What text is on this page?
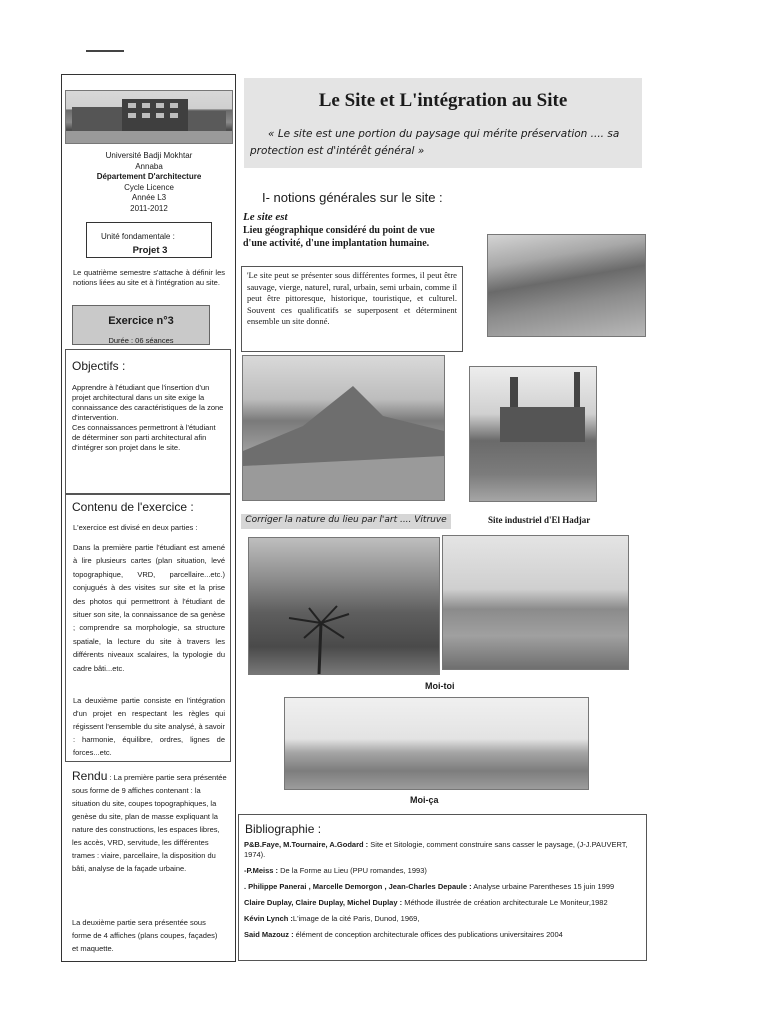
Université Badji Mokhtar
Annaba
Département D'architecture
Cycle Licence
Année L3
2011-2012
Unité fondamentale :
Projet 3
Le quatrième semestre s'attache à définir les notions liées au site et à l'intégration au site.
Exercice n°3
Durée : 06 séances
Objectifs :
Apprendre à l'étudiant que l'insertion d'un projet architectural dans un site exige la connaissance des caractéristiques de la zone d'intervention.
Ces connaissances permettront à l'étudiant de déterminer son parti architectural afin d'intégrer son projet dans le site.
Contenu de l'exercice :
L'exercice est divisé en deux parties :
Dans la première partie l'étudiant est amené à lire plusieurs cartes (plan situation, levé topographique, VRD, parcellaire...etc.) conjugués à des visites sur site et la prise des photos qui permettront à l'étudiant de situer son site, la connaissance de sa genèse ; comprendre sa morphologie, sa structure spatiale, la lecture du site à travers les différents niveaux scalaires, la typologie du cadre bâti...etc.
La deuxième partie consiste en l'intégration d'un projet en respectant les règles qui régissent l'ensemble du site analysé, à savoir : harmonie, équilibre, ordres, lignes de forces...etc.
Rendu : La première partie sera présentée sous forme de 9 affiches contenant : la situation du site, coupes topographiques, la genèse du site, plan de masse expliquant la nature des constructions, les espaces libres, les accès, VRD, servitude, les différentes trames : viaire, parcellaire, la disposition du bâti, analyse de la façade urbaine.
La deuxième partie sera présentée sous forme de 4 affiches (plans coupes, façades) et maquette.
Le Site et L'intégration au Site
« Le site est une portion du paysage qui mérite préservation .... sa protection est d'intérêt général »
I- notions générales sur le site :
Le site est
Lieu géographique considéré du point de vue d'une activité, d'une implantation humaine.
'Le site peut se présenter sous différentes formes, il peut être sauvage, vierge, naturel, rural, urbain, semi urbain, comme il peut être pittoresque, historique, touristique, et culturel. Souvent ces qualificatifs se superposent et déterminent ensemble un site donné.
Corriger la nature du lieu par l'art .... Vitruve	Site industriel d'El Hadjar
Moi-toi
Moi-ça
Bibliographie :
P&B.Faye, M.Tournaire, A.Godard : Site et Sitologie, comment construire sans casser le paysage, (J-J.PAUVERT, 1974).
-P.Meiss : De la Forme au Lieu (PPU romandes, 1993)
. Philippe Panerai , Marcelle Demorgon , Jean-Charles Depaule : Analyse urbaine Parentheses 15 juin 1999
Claire Duplay, Claire Duplay, Michel Duplay : Méthode illustrée de création architecturale Le Moniteur,1982
Kévin Lynch :L'image de la cité Paris, Dunod, 1969,
Said Mazouz : élément de conception architecturale offices des publications universitaires 2004
